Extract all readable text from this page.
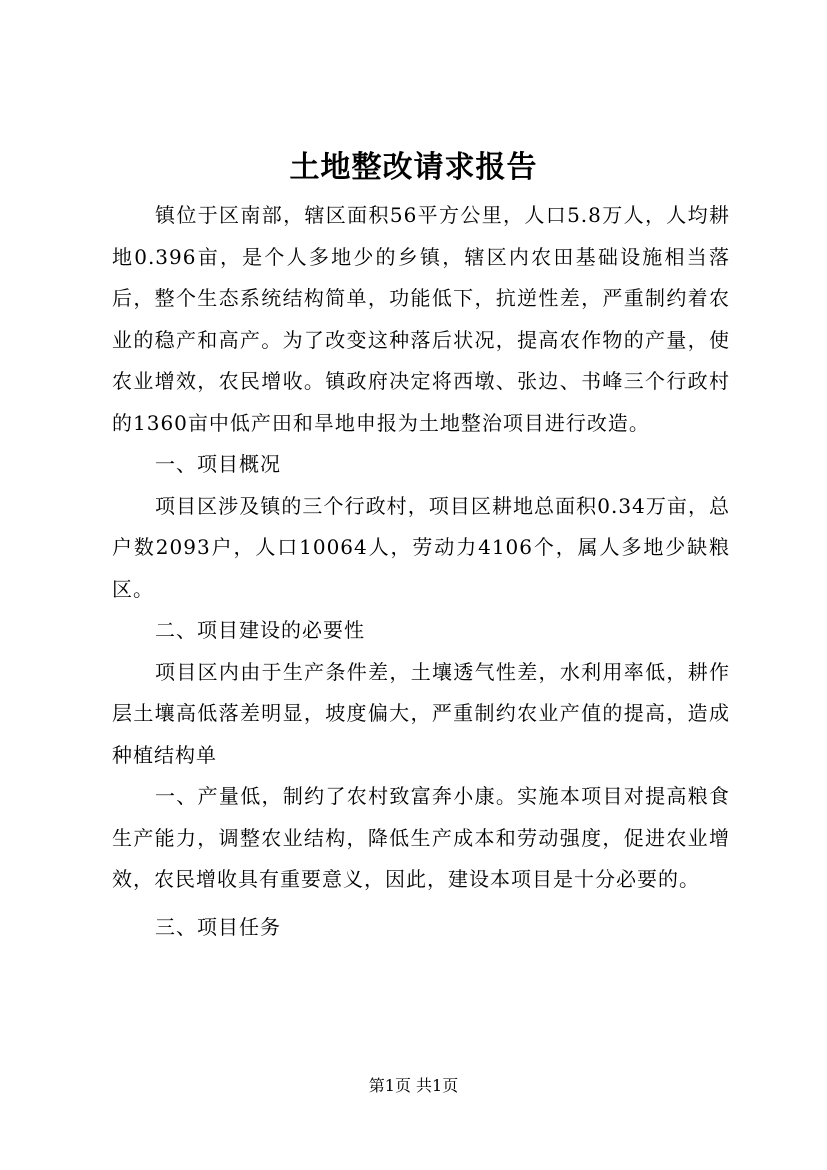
土地整改请求报告

镇位于区南部，辖区面积56平方公里，人口5.8万人，人均耕地0.396亩，是个人多地少的乡镇，辖区内农田基础设施相当落后，整个生态系统结构简单，功能低下，抗逆性差，严重制约着农业的稳产和高产。为了改变这种落后状况，提高农作物的产量，使农业增效，农民增收。镇政府决定将西墩、张边、书峰三个行政村的1360亩中低产田和旱地申报为土地整治项目进行改造。

一、项目概况

项目区涉及镇的三个行政村，项目区耕地总面积0.34万亩，总户数2093户，人口10064人，劳动力4106个，属人多地少缺粮区。

二、项目建设的必要性

项目区内由于生产条件差，土壤透气性差，水利用率低，耕作层土壤高低落差明显，坡度偏大，严重制约农业产值的提高，造成种植结构单

一、产量低，制约了农村致富奔小康。实施本项目对提高粮食生产能力，调整农业结构，降低生产成本和劳动强度，促进农业增效，农民增收具有重要意义，因此，建设本项目是十分必要的。

三、项目任务

第1页 共1页
